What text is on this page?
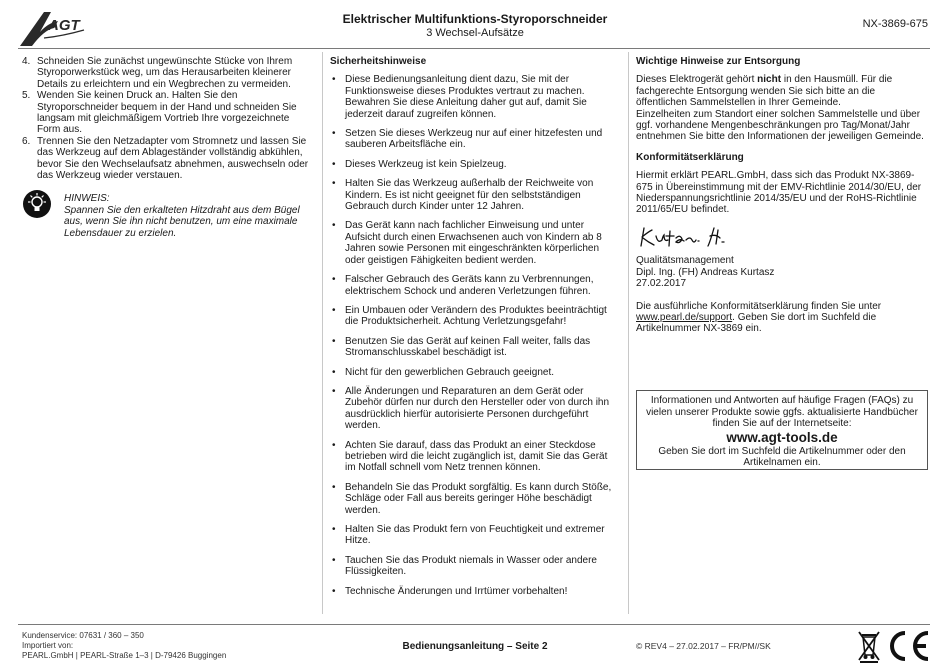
AGT	Elektrischer Multifunktions-Styroporschneider
3 Wechsel-Aufsätze
NX-3869-675
4. Schneiden Sie zunächst ungewünschte Stücke von Ihrem Styroporwerkstück weg, um das Herausarbeiten kleinerer Details zu erleichtern und ein Wegbrechen zu vermeiden.
5. Wenden Sie keinen Druck an. Halten Sie den Styroporschneider bequem in der Hand und schneiden Sie langsam mit gleichmäßigem Vortrieb Ihre vorgezeichnete Form aus.
6. Trennen Sie den Netzadapter vom Stromnetz und lassen Sie das Werkzeug auf dem Ablageständer vollständig abkühlen, bevor Sie den Wechselaufsatz abnehmen, auswechseln oder das Werkzeug wieder verstauen.
HINWEIS:
Spannen Sie den erkalteten Hitzdraht aus dem Bügel aus, wenn Sie ihn nicht benutzen, um eine maximale Lebensdauer zu erzielen.
Sicherheitshinweise
• Diese Bedienungsanleitung dient dazu, Sie mit der Funktionsweise dieses Produktes vertraut zu machen. Bewahren Sie diese Anleitung daher gut auf, damit Sie jederzeit darauf zugreifen können.
• Setzen Sie dieses Werkzeug nur auf einer hitzefesten und sauberen Arbeitsfläche ein.
• Dieses Werkzeug ist kein Spielzeug.
• Halten Sie das Werkzeug außerhalb der Reichweite von Kindern. Es ist nicht geeignet für den selbstständigen Gebrauch durch Kinder unter 12 Jahren.
• Das Gerät kann nach fachlicher Einweisung und unter Aufsicht durch einen Erwachsenen auch von Kindern ab 8 Jahren sowie Personen mit eingeschränkten körperlichen oder geistigen Fähigkeiten bedient werden.
• Falscher Gebrauch des Geräts kann zu Verbrennungen, elektrischem Schock und anderen Verletzungen führen.
• Ein Umbauen oder Verändern des Produktes beeinträchtigt die Produktsicherheit. Achtung Verletzungsgefahr!
• Benutzen Sie das Gerät auf keinen Fall weiter, falls das Stromanschlusskabel beschädigt ist.
• Nicht für den gewerblichen Gebrauch geeignet.
• Alle Änderungen und Reparaturen an dem Gerät oder Zubehör dürfen nur durch den Hersteller oder von durch ihn ausdrücklich hierfür autorisierte Personen durchgeführt werden.
• Achten Sie darauf, dass das Produkt an einer Steckdose betrieben wird die leicht zugänglich ist, damit Sie das Gerät im Notfall schnell vom Netz trennen können.
• Behandeln Sie das Produkt sorgfältig. Es kann durch Stöße, Schläge oder Fall aus bereits geringer Höhe beschädigt werden.
• Halten Sie das Produkt fern von Feuchtigkeit und extremer Hitze.
• Tauchen Sie das Produkt niemals in Wasser oder andere Flüssigkeiten.
• Technische Änderungen und Irrtümer vorbehalten!
Wichtige Hinweise zur Entsorgung

Dieses Elektrogerät gehört nicht in den Hausmüll. Für die fachgerechte Entsorgung wenden Sie sich bitte an die öffentlichen Sammelstellen in Ihrer Gemeinde.

Einzelheiten zum Standort einer solchen Sammelstelle und über ggf. vorhandene Mengenbeschränkungen pro Tag/Monat/Jahr entnehmen Sie bitte den Informationen der jeweiligen Gemeinde.

Konformitätserklärung

Hiermit erklärt PEARL.GmbH, dass sich das Produkt NX-3869-675 in Übereinstimmung mit der EMV-Richtlinie 2014/30/EU, der Niederspannungsrichtlinie 2014/35/EU und der RoHS-Richtlinie 2011/65/EU befindet.

Qualitätsmanagement

Dipl. Ing. (FH) Andreas Kurtasz

27.02.2017

Die ausführliche Konformitätserklärung finden Sie unter www.pearl.de/support. Geben Sie dort im Suchfeld die Artikelnummer NX-3869 ein.

Informationen und Antworten auf häufige Fragen (FAQs) zu vielen unserer Produkte sowie ggfs. aktualisierte Handbücher finden Sie auf der Internetseite:
www.agt-tools.de
Geben Sie dort im Suchfeld die Artikelnummer oder den Artikelnamen ein.
Kundenservice: 07631 / 360 – 350
Importiert von:
PEARL.GmbH | PEARL-Straße 1–3 | D-79426 Buggingen
Bedienungsanleitung – Seite 2	© REV4 – 27.02.2017 – FR/PM//SK
